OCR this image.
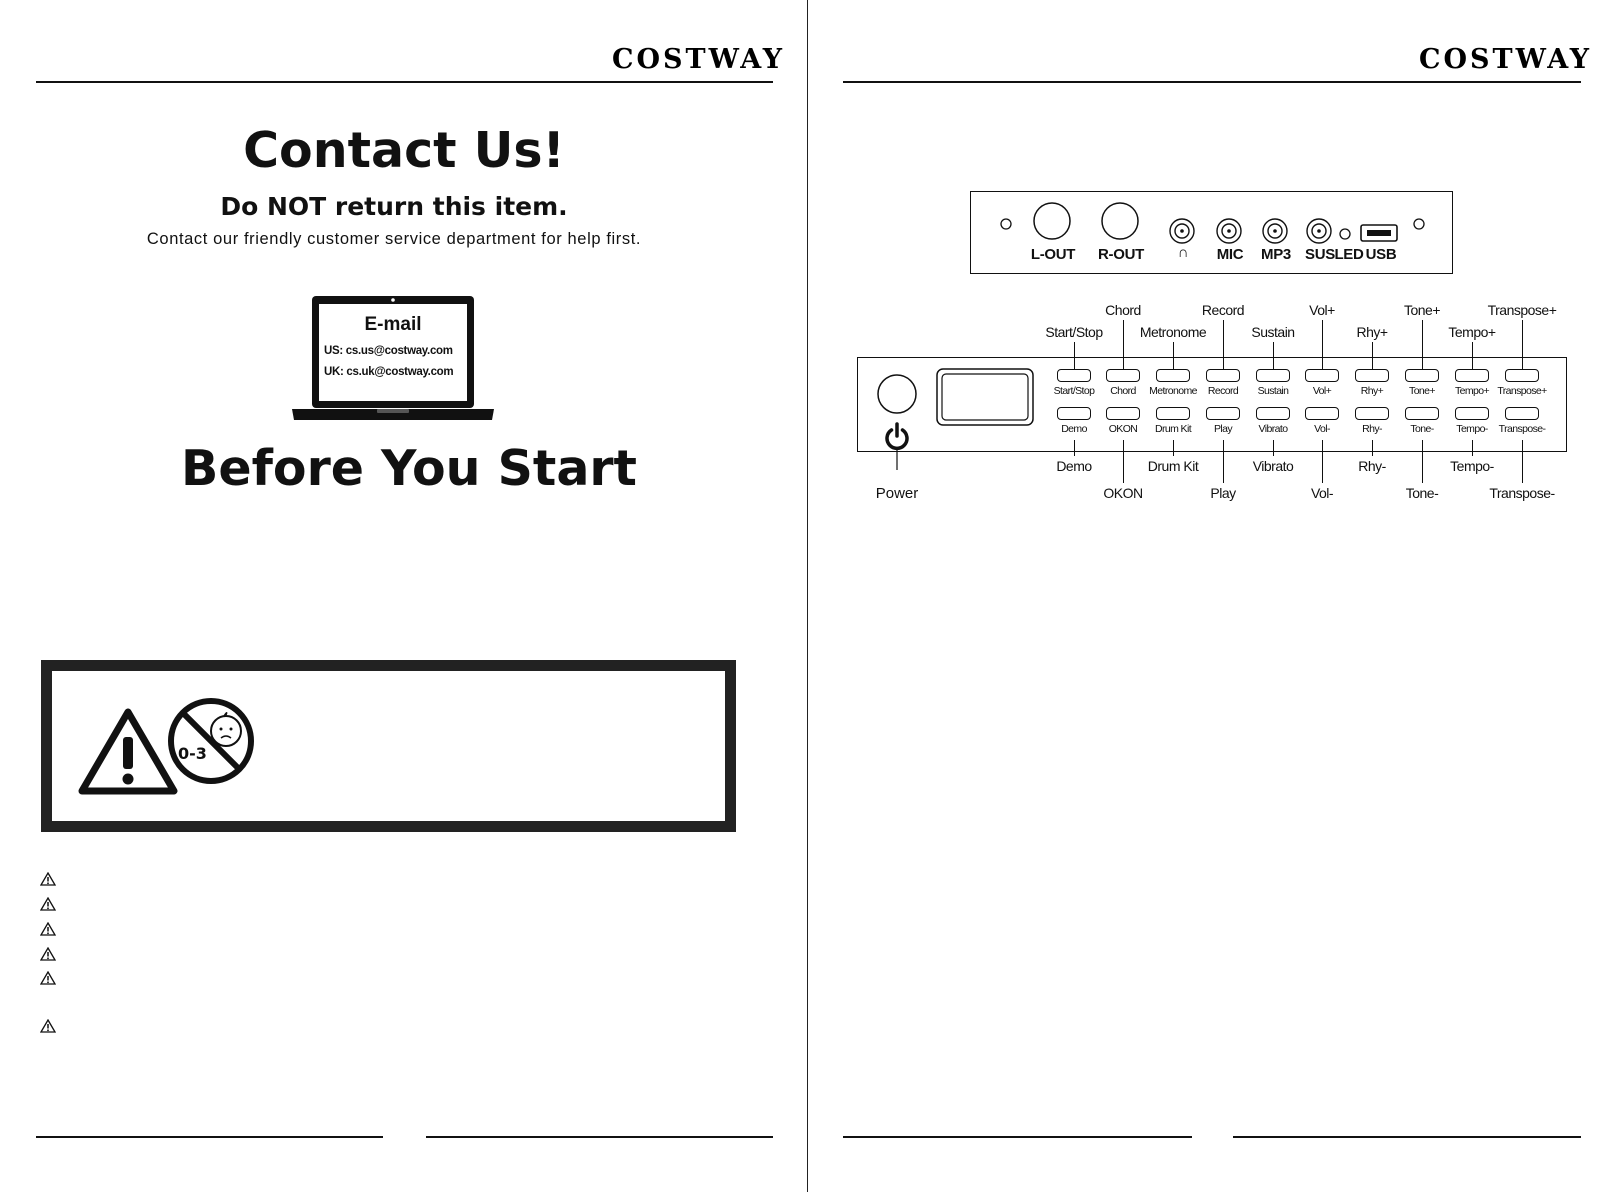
COSTWAY
Contact Us!
Do NOT return this item.
Contact our friendly customer service department for help first.
E-mail
US: cs.us@costway.com
UK: cs.uk@costway.com
Before You Start
0-3
COSTWAY
L-OUT R-OUT ∩ MIC MP3 SUS LED USB
Power
Start/Stop
Demo
Start/Stop
Demo
Chord
OKON
Chord
OKON
Metronome
Drum Kit
Metronome
Drum Kit
Record
Play
Record
Play
Sustain
Vibrato
Sustain
Vibrato
Vol+
Vol-
Vol+
Vol-
Rhy+
Rhy-
Rhy+
Rhy-
Tone+
Tone-
Tone+
Tone-
Tempo+
Tempo-
Tempo+
Tempo-
Transpose+
Transpose-
Transpose+
Transpose-
